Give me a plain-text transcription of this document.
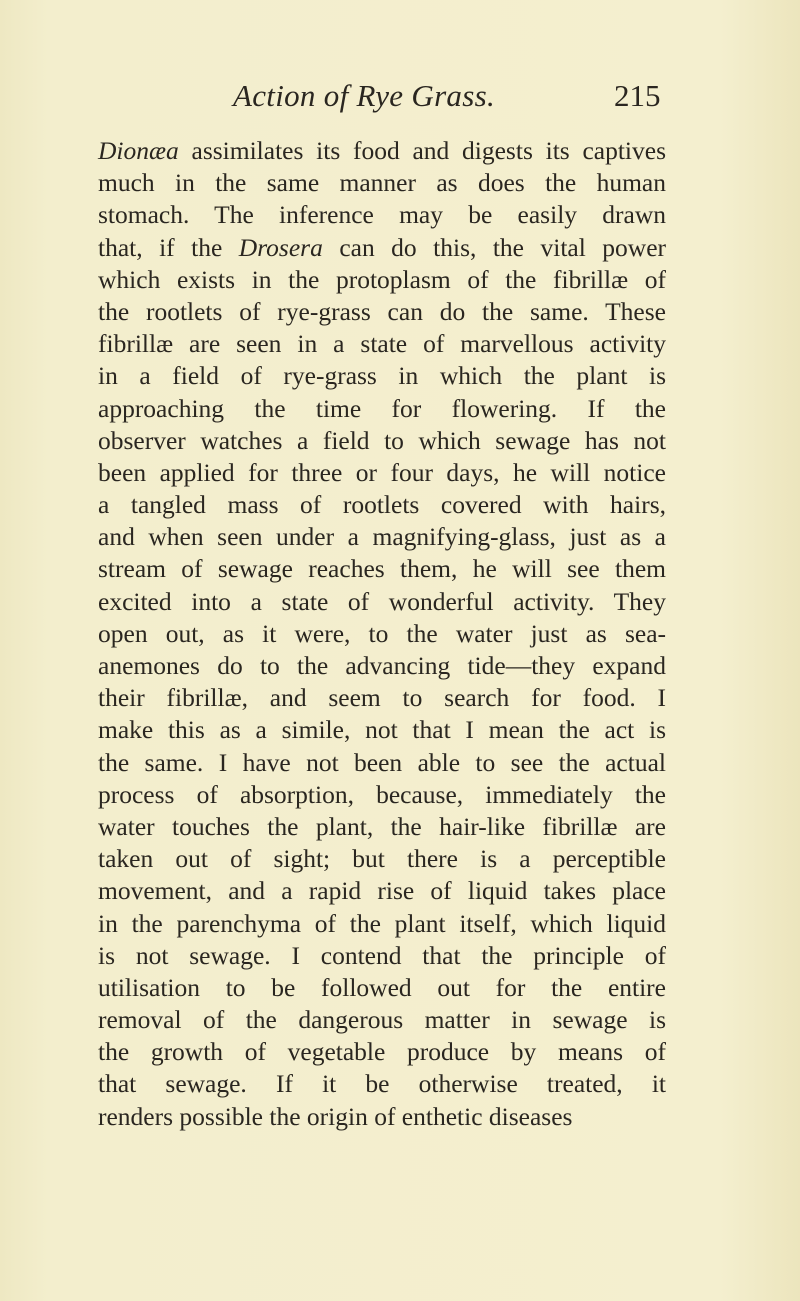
Action of Rye Grass.	215
Dionæa assimilates its food and digests its captives
much in the same manner as does the human
stomach. The inference may be easily drawn
that, if the Drosera can do this, the vital power
which exists in the protoplasm of the fibrillæ of
the rootlets of rye-grass can do the same. These
fibrillæ are seen in a state of marvellous activity
in a field of rye-grass in which the plant is
approaching the time for flowering. If the
observer watches a field to which sewage has not
been applied for three or four days, he will notice
a tangled mass of rootlets covered with hairs,
and when seen under a magnifying-glass, just as a
stream of sewage reaches them, he will see them
excited into a state of wonderful activity. They
open out, as it were, to the water just as sea-
anemones do to the advancing tide—they expand
their fibrillæ, and seem to search for food. I
make this as a simile, not that I mean the act is
the same. I have not been able to see the actual
process of absorption, because, immediately the
water touches the plant, the hair-like fibrillæ are
taken out of sight; but there is a perceptible
movement, and a rapid rise of liquid takes place
in the parenchyma of the plant itself, which liquid
is not sewage. I contend that the principle of
utilisation to be followed out for the entire
removal of the dangerous matter in sewage is
the growth of vegetable produce by means of
that sewage. If it be otherwise treated, it
renders possible the origin of enthetic diseases
